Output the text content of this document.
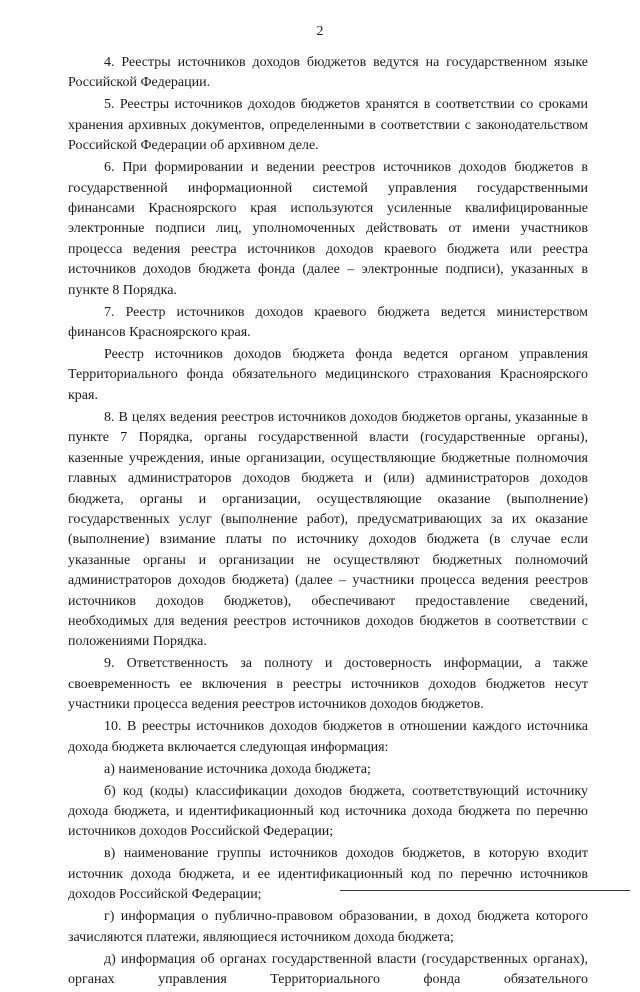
2

4. Реестры источников доходов бюджетов ведутся на государственном языке Российской Федерации.

5. Реестры источников доходов бюджетов хранятся в соответствии со сроками хранения архивных документов, определенными в соответствии с законодательством Российской Федерации об архивном деле.

6. При формировании и ведении реестров источников доходов бюджетов в государственной информационной системой управления государственными финансами Красноярского края используются усиленные квалифицированные электронные подписи лиц, уполномоченных действовать от имени участников процесса ведения реестра источников доходов краевого бюджета или реестра источников доходов бюджета фонда (далее – электронные подписи), указанных в пункте 8 Порядка.

7. Реестр источников доходов краевого бюджета ведется министерством финансов Красноярского края.

Реестр источников доходов бюджета фонда ведется органом управления Территориального фонда обязательного медицинского страхования Красноярского края.

8. В целях ведения реестров источников доходов бюджетов органы, указанные в пункте 7 Порядка, органы государственной власти (государственные органы), казенные учреждения, иные организации, осуществляющие бюджетные полномочия главных администраторов доходов бюджета и (или) администраторов доходов бюджета, органы и организации, осуществляющие оказание (выполнение) государственных услуг (выполнение работ), предусматривающих за их оказание (выполнение) взимание платы по источнику доходов бюджета (в случае если указанные органы и организации не осуществляют бюджетных полномочий администраторов доходов бюджета) (далее – участники процесса ведения реестров источников доходов бюджетов), обеспечивают предоставление сведений, необходимых для ведения реестров источников доходов бюджетов в соответствии с положениями Порядка.

9. Ответственность за полноту и достоверность информации, а также своевременность ее включения в реестры источников доходов бюджетов несут участники процесса ведения реестров источников доходов бюджетов.

10. В реестры источников доходов бюджетов в отношении каждого источника дохода бюджета включается следующая информация:

а) наименование источника дохода бюджета;

б) код (коды) классификации доходов бюджета, соответствующий источнику дохода бюджета, и идентификационный код источника дохода бюджета по перечню источников доходов Российской Федерации;

в) наименование группы источников доходов бюджетов, в которую входит источник дохода бюджета, и ее идентификационный код по перечню источников доходов Российской Федерации;

г) информация о публично-правовом образовании, в доход бюджета которого зачисляются платежи, являющиеся источником дохода бюджета;

д) информация об органах государственной власти (государственных органах), органах управления Территориального фонда обязательного
